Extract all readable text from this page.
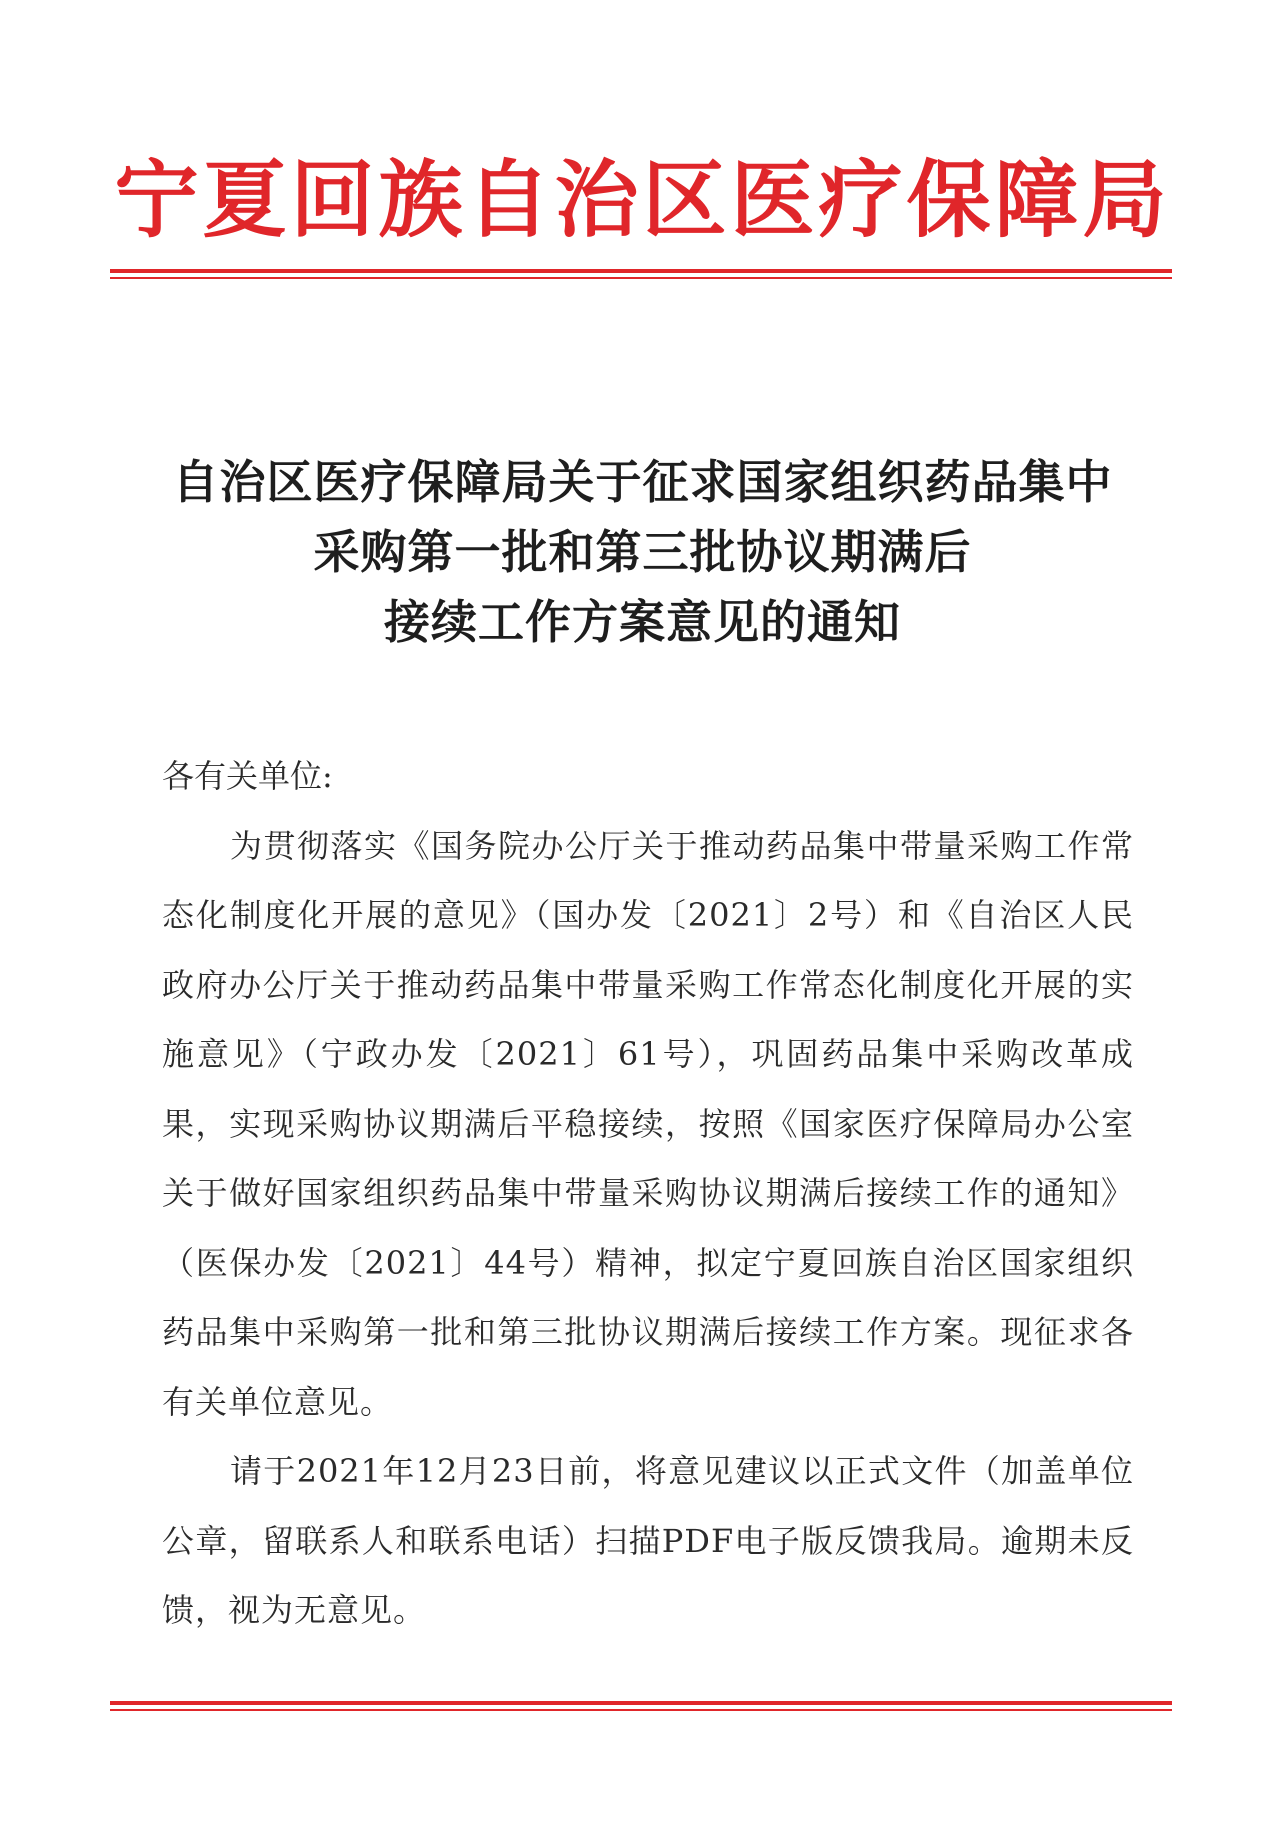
宁夏回族自治区医疗保障局
自治区医疗保障局关于征求国家组织药品集中
采购第一批和第三批协议期满后
接续工作方案意见的通知
各有关单位:
为贯彻落实《国务院办公厅关于推动药品集中带量采购工作常态化制度化开展的意见》（国办发〔2021〕2号）和《自治区人民政府办公厅关于推动药品集中带量采购工作常态化制度化开展的实施意见》（宁政办发〔2021〕61号），巩固药品集中采购改革成果，实现采购协议期满后平稳接续，按照《国家医疗保障局办公室关于做好国家组织药品集中带量采购协议期满后接续工作的通知》（医保办发〔2021〕44号）精神，拟定宁夏回族自治区国家组织药品集中采购第一批和第三批协议期满后接续工作方案。现征求各有关单位意见。
请于2021年12月23日前，将意见建议以正式文件（加盖单位公章，留联系人和联系电话）扫描PDF电子版反馈我局。逾期未反馈，视为无意见。
